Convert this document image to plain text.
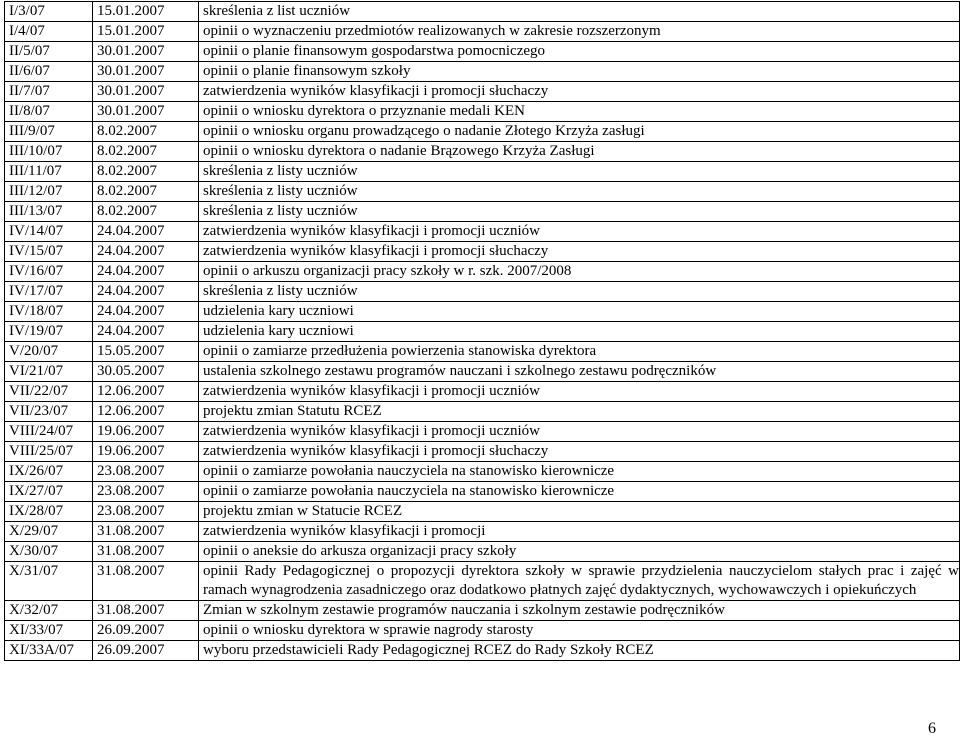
I/3/07	15.01.2007	skreślenia z list uczniów
I/4/07	15.01.2007	opinii o wyznaczeniu przedmiotów realizowanych w zakresie rozszerzonym
II/5/07	30.01.2007	opinii o planie finansowym gospodarstwa pomocniczego
II/6/07	30.01.2007	opinii o planie finansowym szkoły
II/7/07	30.01.2007	zatwierdzenia wyników klasyfikacji i promocji słuchaczy
II/8/07	30.01.2007	opinii o wniosku dyrektora o przyznanie medali KEN
III/9/07	8.02.2007	opinii o wniosku organu prowadzącego o nadanie Złotego Krzyża zasługi
III/10/07	8.02.2007	opinii o wniosku dyrektora o nadanie Brązowego Krzyża Zasługi
III/11/07	8.02.2007	skreślenia z listy uczniów
III/12/07	8.02.2007	skreślenia z listy uczniów
III/13/07	8.02.2007	skreślenia z listy uczniów
IV/14/07	24.04.2007	zatwierdzenia wyników klasyfikacji i promocji uczniów
IV/15/07	24.04.2007	zatwierdzenia wyników klasyfikacji i promocji słuchaczy
IV/16/07	24.04.2007	opinii o arkuszu organizacji pracy szkoły w r. szk. 2007/2008
IV/17/07	24.04.2007	skreślenia z listy uczniów
IV/18/07	24.04.2007	udzielenia kary uczniowi
IV/19/07	24.04.2007	udzielenia kary uczniowi
V/20/07	15.05.2007	opinii o zamiarze przedłużenia powierzenia stanowiska dyrektora
VI/21/07	30.05.2007	ustalenia szkolnego zestawu programów nauczani i szkolnego zestawu podręczników
VII/22/07	12.06.2007	zatwierdzenia wyników klasyfikacji i promocji uczniów
VII/23/07	12.06.2007	projektu zmian Statutu RCEZ
VIII/24/07	19.06.2007	zatwierdzenia wyników klasyfikacji i promocji uczniów
VIII/25/07	19.06.2007	zatwierdzenia wyników klasyfikacji i promocji słuchaczy
IX/26/07	23.08.2007	opinii o zamiarze powołania nauczyciela na stanowisko kierownicze
IX/27/07	23.08.2007	opinii o zamiarze powołania nauczyciela na stanowisko kierownicze
IX/28/07	23.08.2007	projektu zmian w Statucie RCEZ
X/29/07	31.08.2007	zatwierdzenia wyników klasyfikacji i promocji
X/30/07	31.08.2007	opinii o aneksie do arkusza organizacji pracy szkoły
X/31/07	31.08.2007	opinii Rady Pedagogicznej o propozycji dyrektora szkoły w sprawie przydzielenia nauczycielom stałych prac i zajęć w ramach wynagrodzenia zasadniczego oraz dodatkowo płatnych zajęć dydaktycznych, wychowawczych i opiekuńczych
X/32/07	31.08.2007	Zmian w szkolnym zestawie programów nauczania i szkolnym zestawie podręczników
XI/33/07	26.09.2007	opinii o wniosku dyrektora w sprawie nagrody starosty
XI/33A/07	26.09.2007	wyboru przedstawicieli Rady Pedagogicznej RCEZ do Rady Szkoły RCEZ
6
